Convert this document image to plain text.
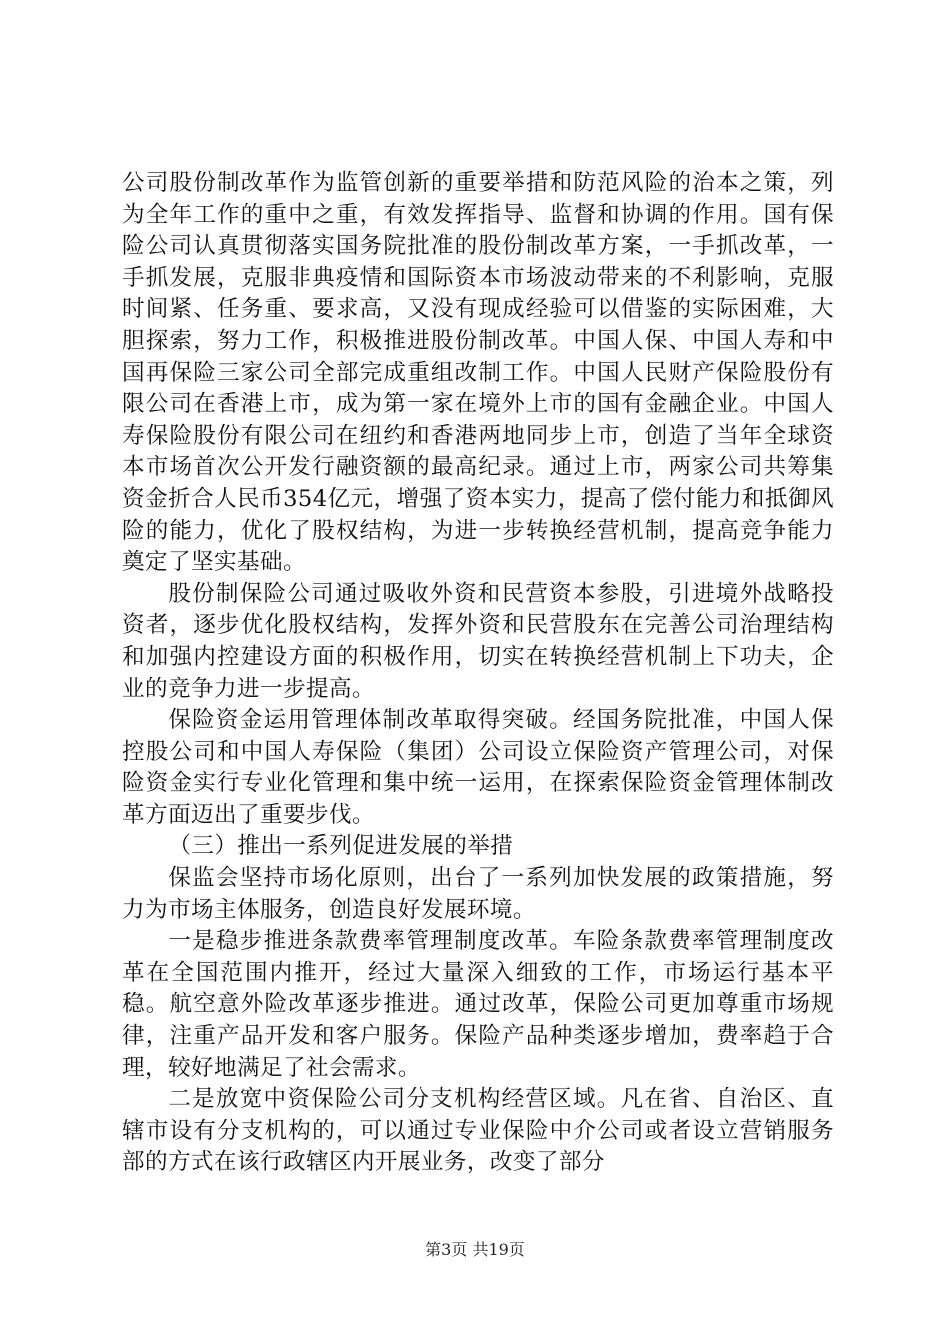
公司股份制改革作为监管创新的重要举措和防范风险的治本之策，列为全年工作的重中之重，有效发挥指导、监督和协调的作用。国有保险公司认真贯彻落实国务院批准的股份制改革方案，一手抓改革，一手抓发展，克服非典疫情和国际资本市场波动带来的不利影响，克服时间紧、任务重、要求高，又没有现成经验可以借鉴的实际困难，大胆探索，努力工作，积极推进股份制改革。中国人保、中国人寿和中国再保险三家公司全部完成重组改制工作。中国人民财产保险股份有限公司在香港上市，成为第一家在境外上市的国有金融企业。中国人寿保险股份有限公司在纽约和香港两地同步上市，创造了当年全球资本市场首次公开发行融资额的最高纪录。通过上市，两家公司共筹集资金折合人民币354亿元，增强了资本实力，提高了偿付能力和抵御风险的能力，优化了股权结构，为进一步转换经营机制，提高竞争能力奠定了坚实基础。

股份制保险公司通过吸收外资和民营资本参股，引进境外战略投资者，逐步优化股权结构，发挥外资和民营股东在完善公司治理结构和加强内控建设方面的积极作用，切实在转换经营机制上下功夫，企业的竞争力进一步提高。

保险资金运用管理体制改革取得突破。经国务院批准，中国人保控股公司和中国人寿保险（集团）公司设立保险资产管理公司，对保险资金实行专业化管理和集中统一运用，在探索保险资金管理体制改革方面迈出了重要步伐。

（三）推出一系列促进发展的举措

保监会坚持市场化原则，出台了一系列加快发展的政策措施，努力为市场主体服务，创造良好发展环境。

一是稳步推进条款费率管理制度改革。车险条款费率管理制度改革在全国范围内推开，经过大量深入细致的工作，市场运行基本平稳。航空意外险改革逐步推进。通过改革，保险公司更加尊重市场规律，注重产品开发和客户服务。保险产品种类逐步增加，费率趋于合理，较好地满足了社会需求。

二是放宽中资保险公司分支机构经营区域。凡在省、自治区、直辖市设有分支机构的，可以通过专业保险中介公司或者设立营销服务部的方式在该行政辖区内开展业务，改变了部分

第3页 共19页
